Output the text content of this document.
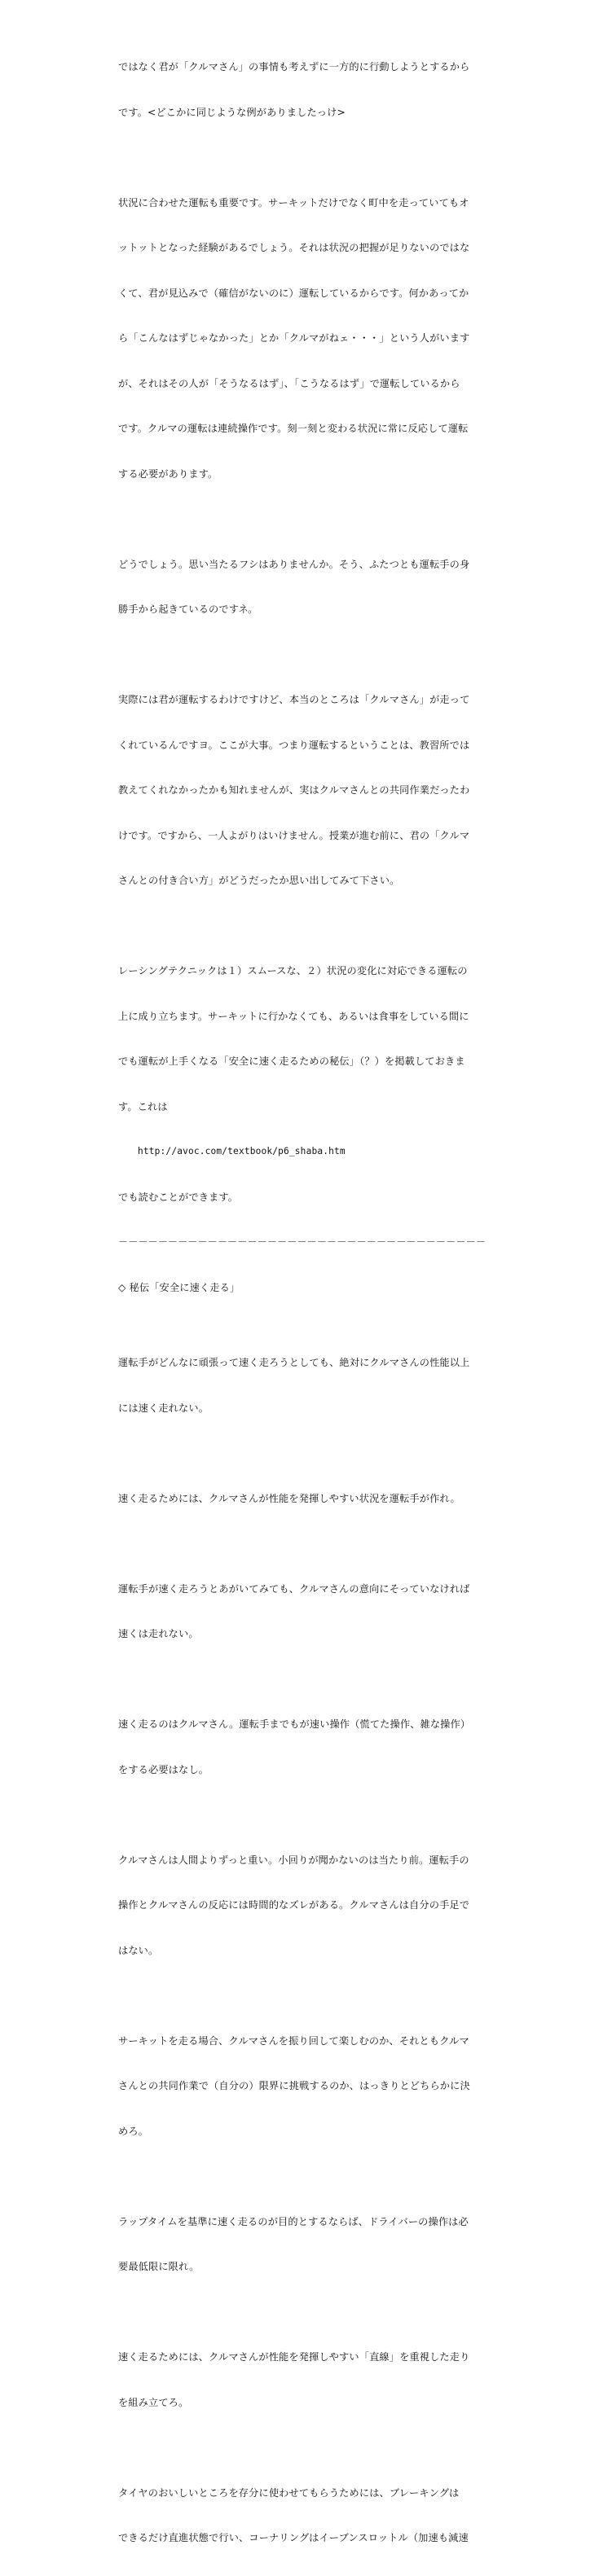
ではなく君が「クルマさん」の事情も考えずに一方的に行動しようとするから

です。<どこかに同じような例がありましたっけ>

状況に合わせた運転も重要です。サーキットだけでなく町中を走っていてもオ

ットットとなった経験があるでしょう。それは状況の把握が足りないのではな

くて、君が見込みで（確信がないのに）運転しているからです。何かあってか

ら「こんなはずじゃなかった」とか「クルマがねェ・・・」という人がいます

が、それはその人が「そうなるはず」、「こうなるはず」で運転しているから

です。クルマの運転は連続操作です。刻一刻と変わる状況に常に反応して運転

する必要があります。

どうでしょう。思い当たるフシはありませんか。そう、ふたつとも運転手の身

勝手から起きているのですネ。

実際には君が運転するわけですけど、本当のところは「クルマさん」が走って

くれているんですヨ。ここが大事。つまり運転するということは、教習所では

教えてくれなかったかも知れませんが、実はクルマさんとの共同作業だったわ

けです。ですから、一人よがりはいけません。授業が進む前に、君の「クルマ

さんとの付き合い方」がどうだったか思い出してみて下さい。

レーシングテクニックは１）スムースな、２）状況の変化に対応できる運転の

上に成り立ちます。サーキットに行かなくても、あるいは食事をしている間に

でも運転が上手くなる「安全に速く走るための秘伝」（？）を掲載しておきま

す。これは

http://avoc.com/textbook/p6_shaba.htm

でも読むことができます。

－－－－－－－－－－－－－－－－－－－－－－－－－－－－－－－－－－－－－

◇ 秘伝「安全に速く走る」

運転手がどんなに頑張って速く走ろうとしても、絶対にクルマさんの性能以上

には速く走れない。

速く走るためには、クルマさんが性能を発揮しやすい状況を運転手が作れ。

運転手が速く走ろうとあがいてみても、クルマさんの意向にそっていなければ

速くは走れない。

速く走るのはクルマさん。運転手までもが速い操作（慌てた操作、雑な操作）

をする必要はなし。

クルマさんは人間よりずっと重い。小回りが聞かないのは当たり前。運転手の

操作とクルマさんの反応には時間的なズレがある。クルマさんは自分の手足で

はない。

サーキットを走る場合、クルマさんを振り回して楽しむのか、それともクルマ

さんとの共同作業で（自分の）限界に挑戦するのか、はっきりとどちらかに決

めろ。

ラップタイムを基準に速く走るのが目的とするならば、ドライバーの操作は必

要最低限に限れ。

速く走るためには、クルマさんが性能を発揮しやすい「直線」を重視した走り

を組み立てろ。

タイヤのおいしいところを存分に使わせてもらうためには、ブレーキングは

できるだけ直進状態で行い、コーナリングはイーブンスロットル（加速も減速
